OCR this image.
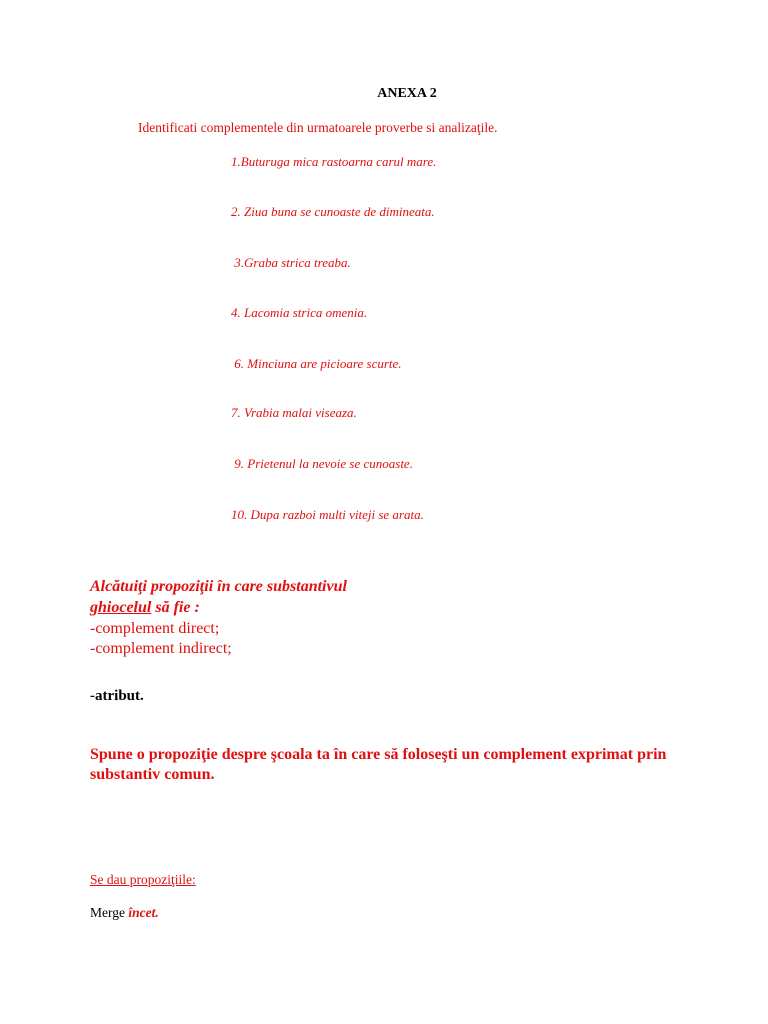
ANEXA 2
Identificati complementele din urmatoarele proverbe si analizaţile.
1.Buturuga mica rastoarna carul mare.
2. Ziua buna se cunoaste de dimineata.
3.Graba strica treaba.
4. Lacomia strica omenia.
6. Minciuna are picioare scurte.
7. Vrabia malai viseaza.
9. Prietenul la nevoie se cunoaste.
10. Dupa razboi multi viteji se arata.
Alcătuiţi propoziţii în care substantivul
ghiocelul să fie :
-complement direct;
-complement indirect;
-atribut.
Spune o propoziţie despre şcoala ta în care să foloseşti un complement exprimat prin substantiv comun.
Se dau propoziţiile:
Merge încet.
